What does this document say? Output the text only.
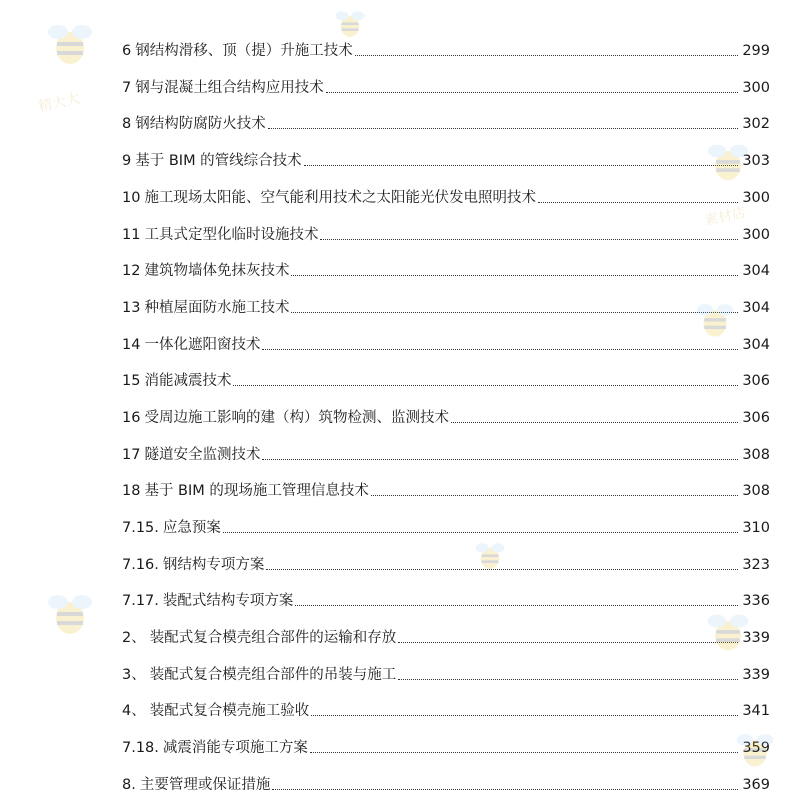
6 钢结构滑移、顶（提）升施工技术	299
7 钢与混凝土组合结构应用技术	300
8 钢结构防腐防火技术	302
9 基于 BIM 的管线综合技术	303
10 施工现场太阳能、空气能利用技术之太阳能光伏发电照明技术	300
11 工具式定型化临时设施技术	300
12 建筑物墙体免抹灰技术	304
13 种植屋面防水施工技术	304
14 一体化遮阳窗技术	304
15 消能减震技术	306
16 受周边施工影响的建（构）筑物检测、监测技术	306
17 隧道安全监测技术	308
18 基于 BIM 的现场施工管理信息技术	308
7.15. 应急预案	310
7.16. 钢结构专项方案	323
7.17. 装配式结构专项方案	336
2、 装配式复合模壳组合部件的运输和存放	339
3、 装配式复合模壳组合部件的吊装与施工	339
4、 装配式复合模壳施工验收	341
7.18. 减震消能专项施工方案	359
8. 主要管理或保证措施	369
精大大
素材店
